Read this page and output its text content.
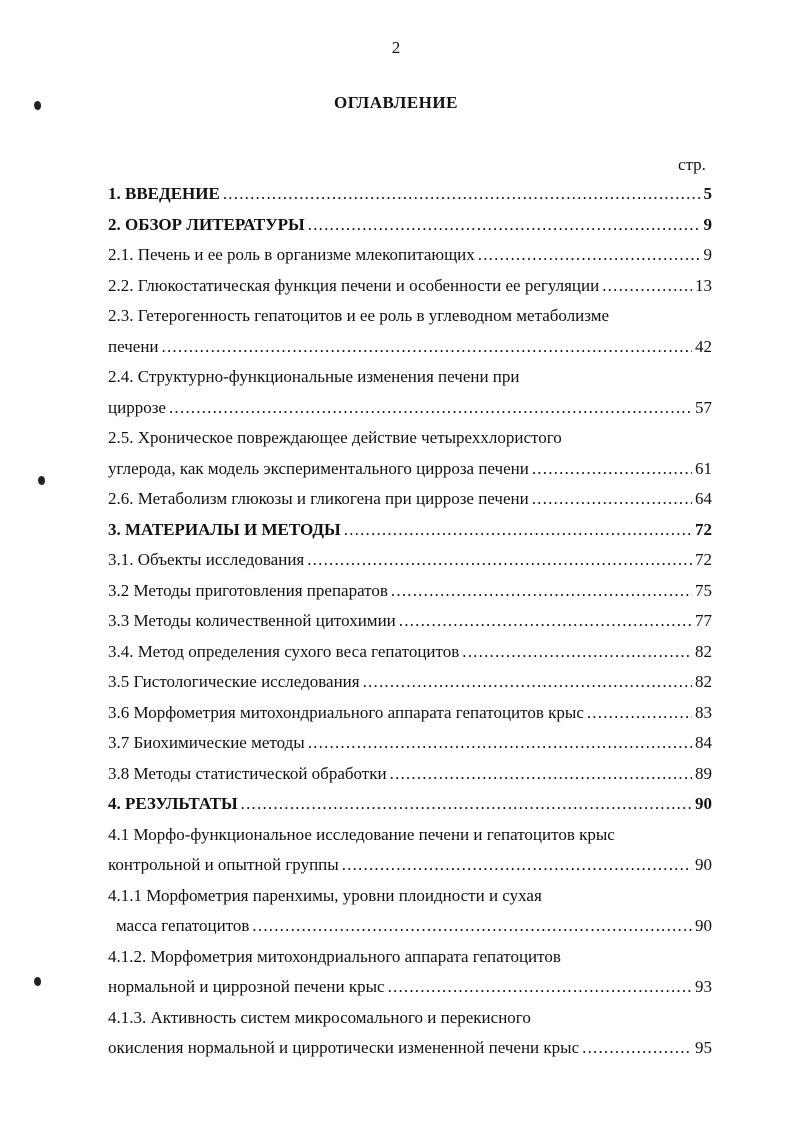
2
ОГЛАВЛЕНИЕ
стр.
1. ВВЕДЕНИЕ .....	5
2. ОБЗОР ЛИТЕРАТУРЫ .....	9
2.1. Печень и ее роль в организме млекопитающих .....	9
2.2. Глюкостатическая функция печени и особенности ее регуляции .....	13
2.3. Гетерогенность гепатоцитов и ее роль в углеводном метаболизме
печени .....	42
2.4. Структурно-функциональные изменения печени при
циррозе .....	57
2.5. Хроническое повреждающее действие четыреххлористого
углерода, как модель экспериментального цирроза печени .....	61
2.6. Метаболизм глюкозы и гликогена при циррозе печени .....	64
3. МАТЕРИАЛЫ И МЕТОДЫ .....	72
3.1. Объекты исследования .....	72
3.2 Методы приготовления препаратов .....	75
3.3 Методы количественной цитохимии .....	77
3.4. Метод определения сухого веса гепатоцитов .....	82
3.5 Гистологические исследования .....	82
3.6 Морфометрия митохондриального аппарата гепатоцитов крыс .....	83
3.7 Биохимические методы .....	84
3.8 Методы статистической обработки .....	89
4. РЕЗУЛЬТАТЫ .....	90
4.1 Морфо-функциональное исследование печени и гепатоцитов крыс
контрольной и опытной группы .....	90
4.1.1 Морфометрия паренхимы, уровни плоидности и сухая
масса гепатоцитов .....	90
4.1.2. Морфометрия митохондриального аппарата гепатоцитов
нормальной и циррозной печени крыс .....	93
4.1.3. Активность систем микросомального и перекисного
окисления нормальной и цирротически измененной печени крыс .....	95
